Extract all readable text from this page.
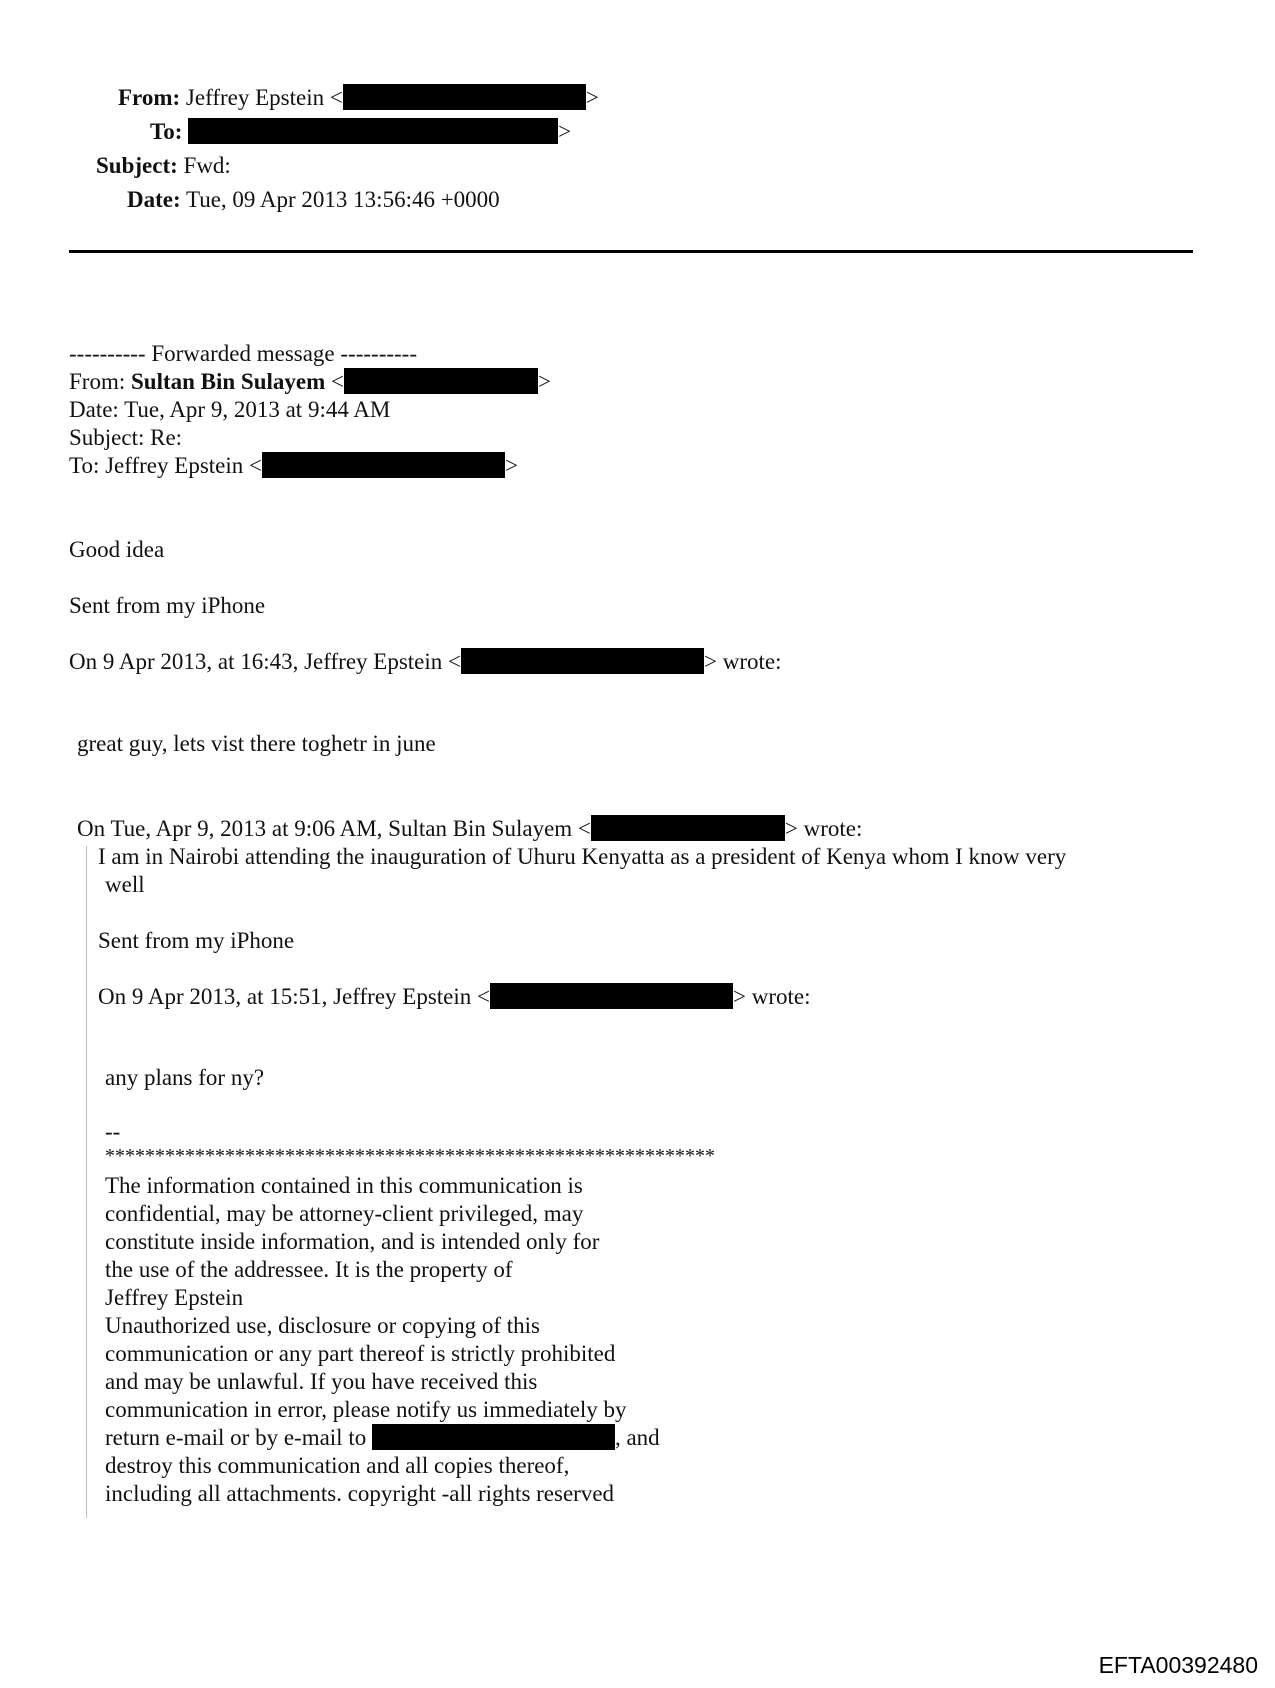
From: Jeffrey Epstein <	>
To:	>
Subject: Fwd:
Date: Tue, 09 Apr 2013 13:56:46 +0000
---------- Forwarded message ----------
From: Sultan Bin Sulayem <	>
Date: Tue, Apr 9, 2013 at 9:44 AM
Subject: Re:
To: Jeffrey Epstein <	>
Good idea
Sent from my iPhone
On 9 Apr 2013, at 16:43, Jeffrey Epstein <	> wrote:
great guy, lets vist there toghetr in june
On Tue, Apr 9, 2013 at 9:06 AM, Sultan Bin Sulayem <	> wrote:
I am in Nairobi attending the inauguration of Uhuru Kenyatta as a president of Kenya whom I know very
well
Sent from my iPhone
On 9 Apr 2013, at 15:51, Jeffrey Epstein <	> wrote:
any plans for ny?
--
*************************************************************
The information contained in this communication is
confidential, may be attorney-client privileged, may
constitute inside information, and is intended only for
the use of the addressee. It is the property of
Jeffrey Epstein
Unauthorized use, disclosure or copying of this
communication or any part thereof is strictly prohibited
and may be unlawful. If you have received this
communication in error, please notify us immediately by
return e-mail or by e-mail to	, and
destroy this communication and all copies thereof,
including all attachments. copyright -all rights reserved
EFTA00392480
